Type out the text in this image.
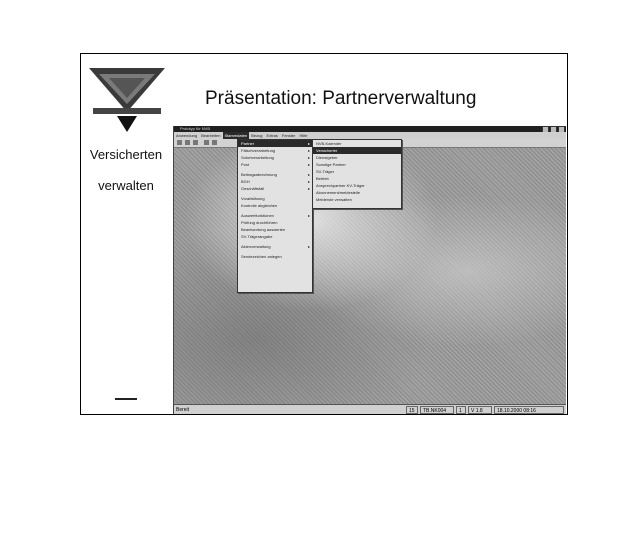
Präsentation: Partnerverwaltung
Versicherten
verwalten
Prototyp für NVB
Anwendung	Bearbeiten	Stammdaten	Bezug	Extras	Fenster	Hilfe
Partner	▸
Fälschverarbeitung	▸
Sofortverarbeitung	▸
Post	▸
Beitragsabrechnung	▸
BGH	▸
Geschäftsfall	▸
Vorabklärung
Kontrolle abgleichen
Auswertfunktionen	▸
Prüfung durchführen
Beantwortung auswerten
SV-Trägerangabe
Aktenverwaltung	▸
Sendezeichen anlegen
NVB-Kalender
Versicherter
Dienstgeber
Sonstige Partner
SV-Träger
Betrieb
Ansprechpartner KV-Träger
Abonnement/meldestelle
Meldende verwalten
Bereit	15	TB.NK004	1	V 1.8	18.10.2000 08:16
